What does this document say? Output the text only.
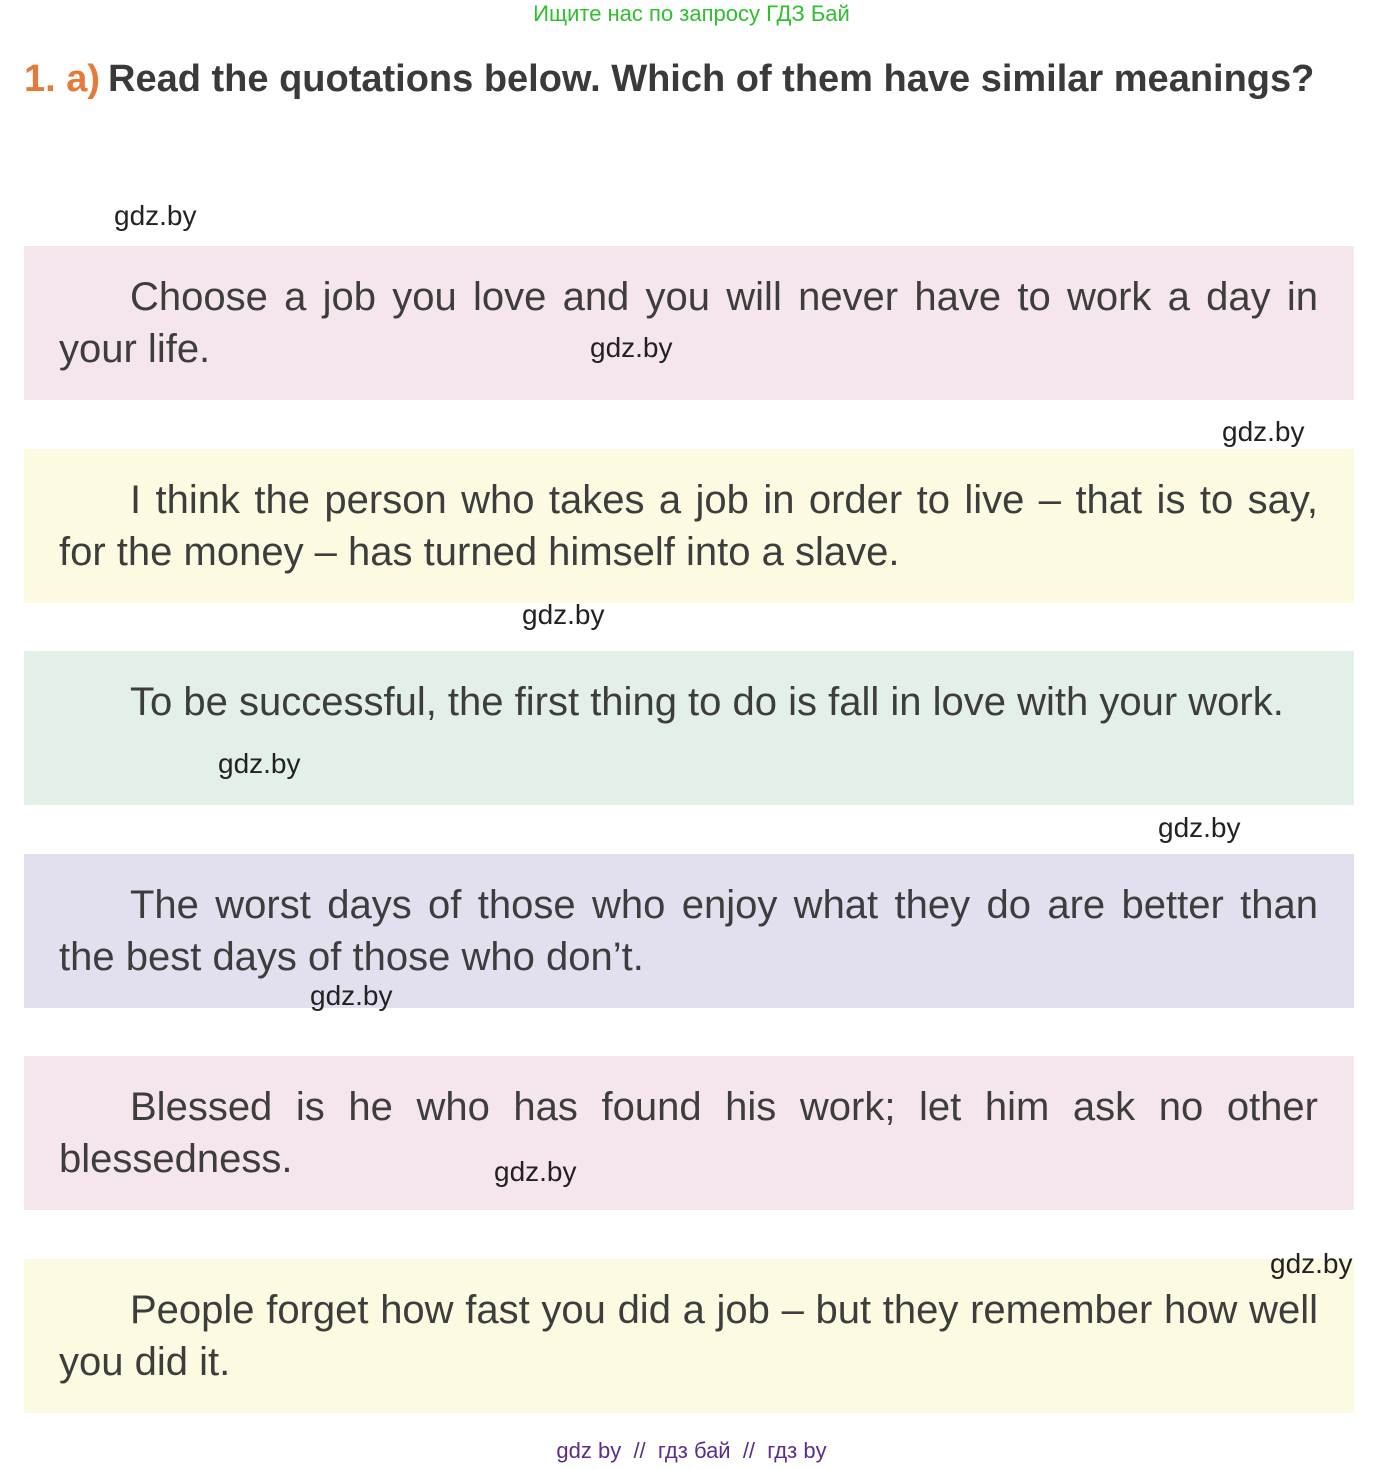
Ищите нас по запросу ГДЗ Бай
1. a) Read the quotations below. Which of them have similar meanings?
gdz.by

Choose a job you love and you will never have to work a day in your life.	gdz.by
gdz.by

I think the person who takes a job in order to live – that is to say, for the money – has turned himself into a slave.

gdz.by

To be successful, the first thing to do is fall in love with your work.

gdz.by
gdz.by

The worst days of those who enjoy what they do are better than the best days of those who don’t.

gdz.by

Blessed is he who has found his work; let him ask no other blessedness.	gdz.by

People forget how fast you did a job – but they remember how well you did it.

gdz.by
gdz by  //  гдз бай  //  гдз by
